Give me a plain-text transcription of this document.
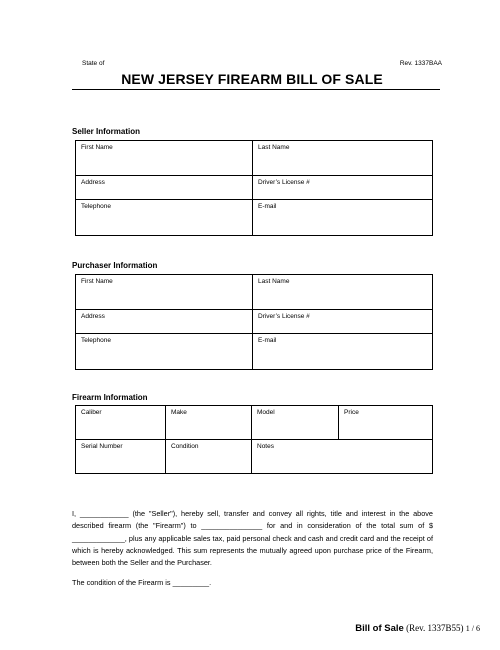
State of	Rev. 1337BAA
NEW JERSEY FIREARM BILL OF SALE
Seller Information
First Name	Last Name
Address	Driver’s License #
Telephone	E-mail
Purchaser Information
First Name	Last Name
Address	Driver’s License #
Telephone	E-mail
Firearm Information
Caliber	Make	Model	Price
Serial Number	Condition	Notes	
I, ____________ (the "Seller"), hereby sell, transfer and convey all rights, title and interest in the above described firearm (the "Firearm") to _______________ for and in consideration of the total sum of $ _____________, plus any applicable sales tax, paid personal check and cash and credit card and the receipt of which is hereby acknowledged. This sum represents the mutually agreed upon purchase price of the Firearm, between both the Seller and the Purchaser.
The condition of the Firearm is _________.
Bill of Sale (Rev. 1337B55) 1 / 6
